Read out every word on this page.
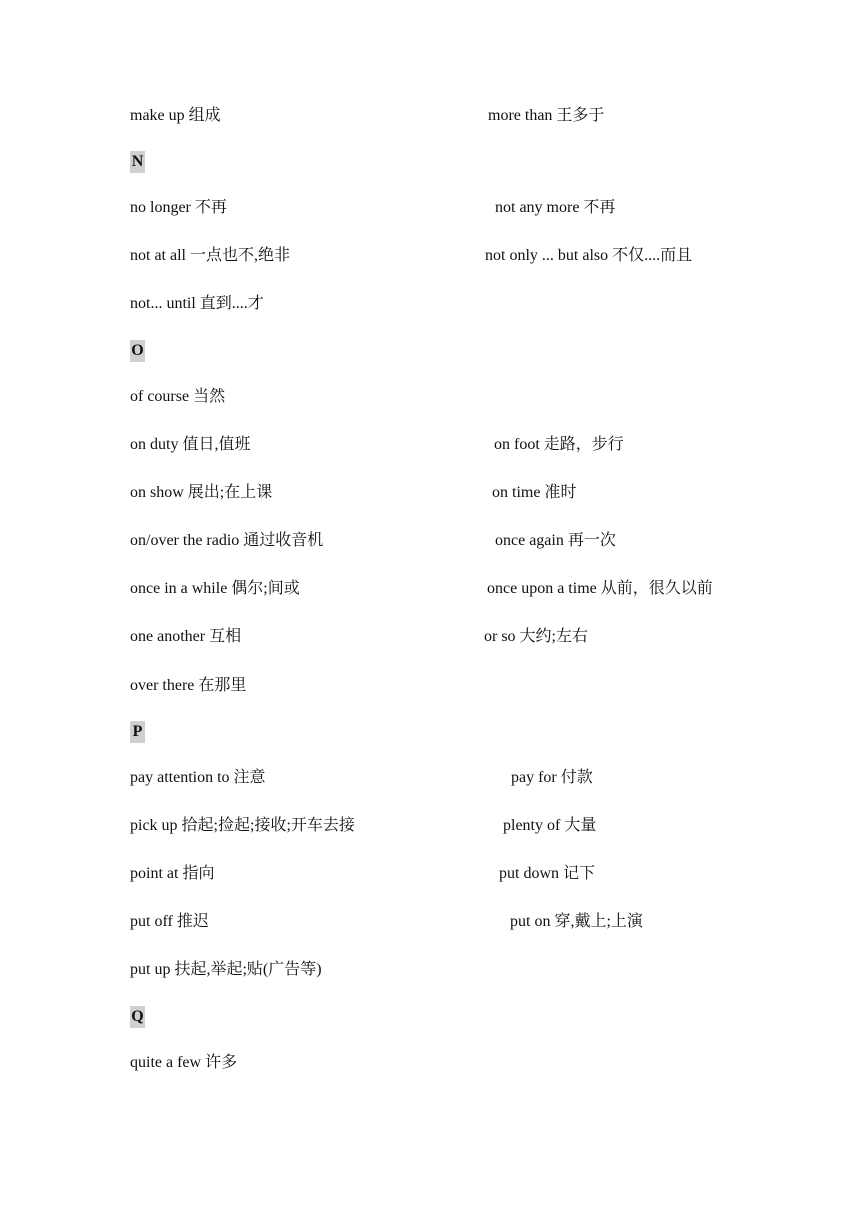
make up 组成	more than 王多于
N
no longer 不再	not any more 不再
not at all 一点也不,绝非	not only ... but also 不仅....而且
not... until 直到....才
O
of course 当然
on duty 值日,值班	on foot 走路，步行
on show 展出;在上课	on time 准时
on/over the radio 通过收音机	once again 再一次
once in a while 偶尔;间或	once upon a time 从前，很久以前
one another 互相	or so 大约;左右
over there 在那里
P
pay attention to 注意	pay for 付款
pick up 拾起;捡起;接收;开车去接	plenty of 大量
point at 指向	put down 记下
put off 推迟	put on 穿,戴上;上演
put up 扶起,举起;贴(广告等)
Q
quite a few 许多
